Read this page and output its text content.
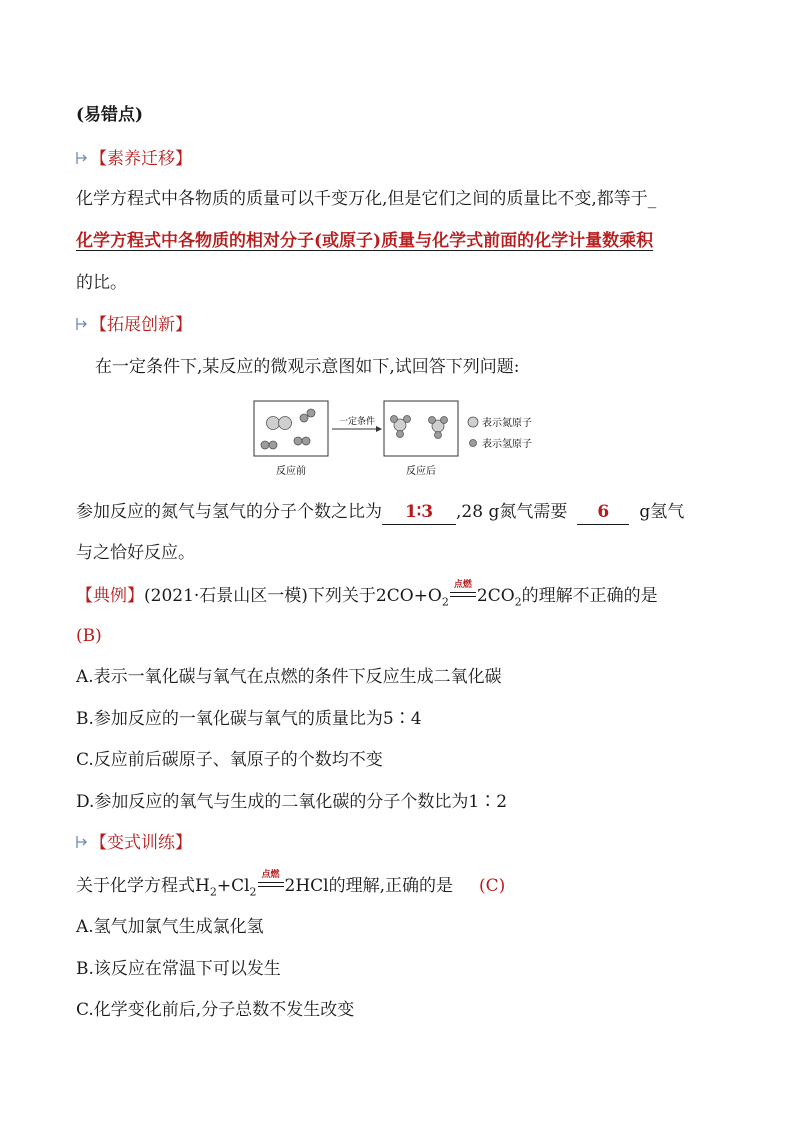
(易错点)
【素养迁移】
化学方程式中各物质的质量可以千变万化,但是它们之间的质量比不变,都等于_
化学方程式中各物质的相对分子(或原子)质量与化学式前面的化学计量数乘积
的比。
【拓展创新】
在一定条件下,某反应的微观示意图如下,试回答下列问题:
一定条件	表示氮原子
表示氢原子
反应前	反应后
参加反应的氮气与氢气的分子个数之比为 1∶3 ,28 g氮气需要 6 g氢气
与之恰好反应。
【典例】(2021·石景山区一模)下列关于$2CO+O_2$
点燃
$2CO_2$的理解不正确的是
(B)
A.表示一氧化碳与氧气在点燃的条件下反应生成二氧化碳
B.参加反应的一氧化碳与氧气的质量比为5∶4
C.反应前后碳原子、氧原子的个数均不变
D.参加反应的氧气与生成的二氧化碳的分子个数比为1∶2
【变式训练】
关于化学方程式$H_2+Cl_2$
点燃
2HCl的理解,正确的是 (C)
A.氢气加氯气生成氯化氢
B.该反应在常温下可以发生
C.化学变化前后,分子总数不发生改变
